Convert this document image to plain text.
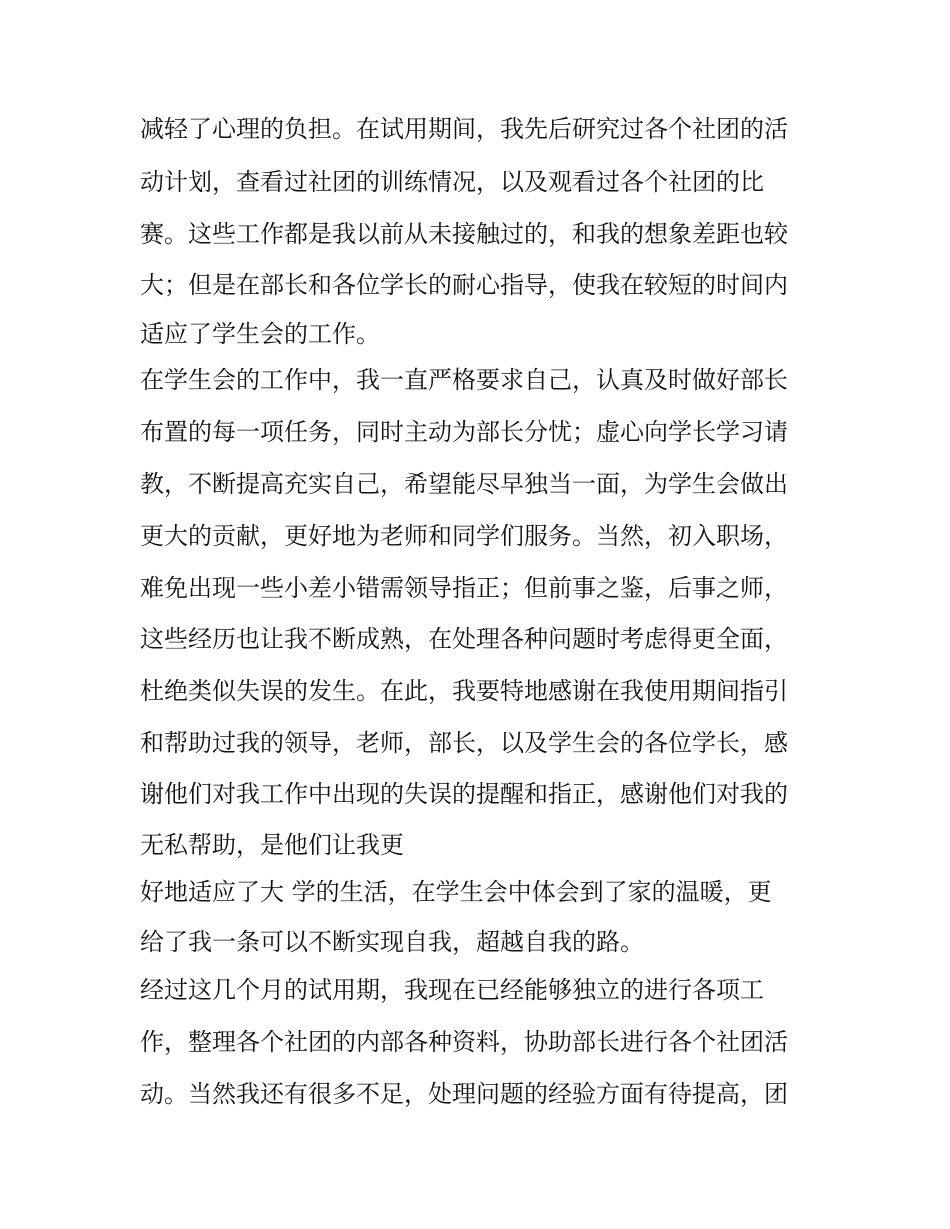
减轻了心理的负担。在试用期间，我先后研究过各个社团的活
动计划，查看过社团的训练情况，以及观看过各个社团的比
赛。这些工作都是我以前从未接触过的，和我的想象差距也较
大；但是在部长和各位学长的耐心指导，使我在较短的时间内
适应了学生会的工作。
在学生会的工作中，我一直严格要求自己，认真及时做好部长
布置的每一项任务，同时主动为部长分忧；虚心向学长学习请
教，不断提高充实自己，希望能尽早独当一面，为学生会做出
更大的贡献，更好地为老师和同学们服务。当然，初入职场，
难免出现一些小差小错需领导指正；但前事之鉴，后事之师，
这些经历也让我不断成熟，在处理各种问题时考虑得更全面，
杜绝类似失误的发生。在此，我要特地感谢在我使用期间指引
和帮助过我的领导，老师，部长，以及学生会的各位学长，感
谢他们对我工作中出现的失误的提醒和指正，感谢他们对我的
无私帮助，是他们让我更
好地适应了大 学的生活，在学生会中体会到了家的温暖，更
给了我一条可以不断实现自我，超越自我的路。
经过这几个月的试用期，我现在已经能够独立的进行各项工
作，整理各个社团的内部各种资料，协助部长进行各个社团活
动。当然我还有很多不足，处理问题的经验方面有待提高，团
